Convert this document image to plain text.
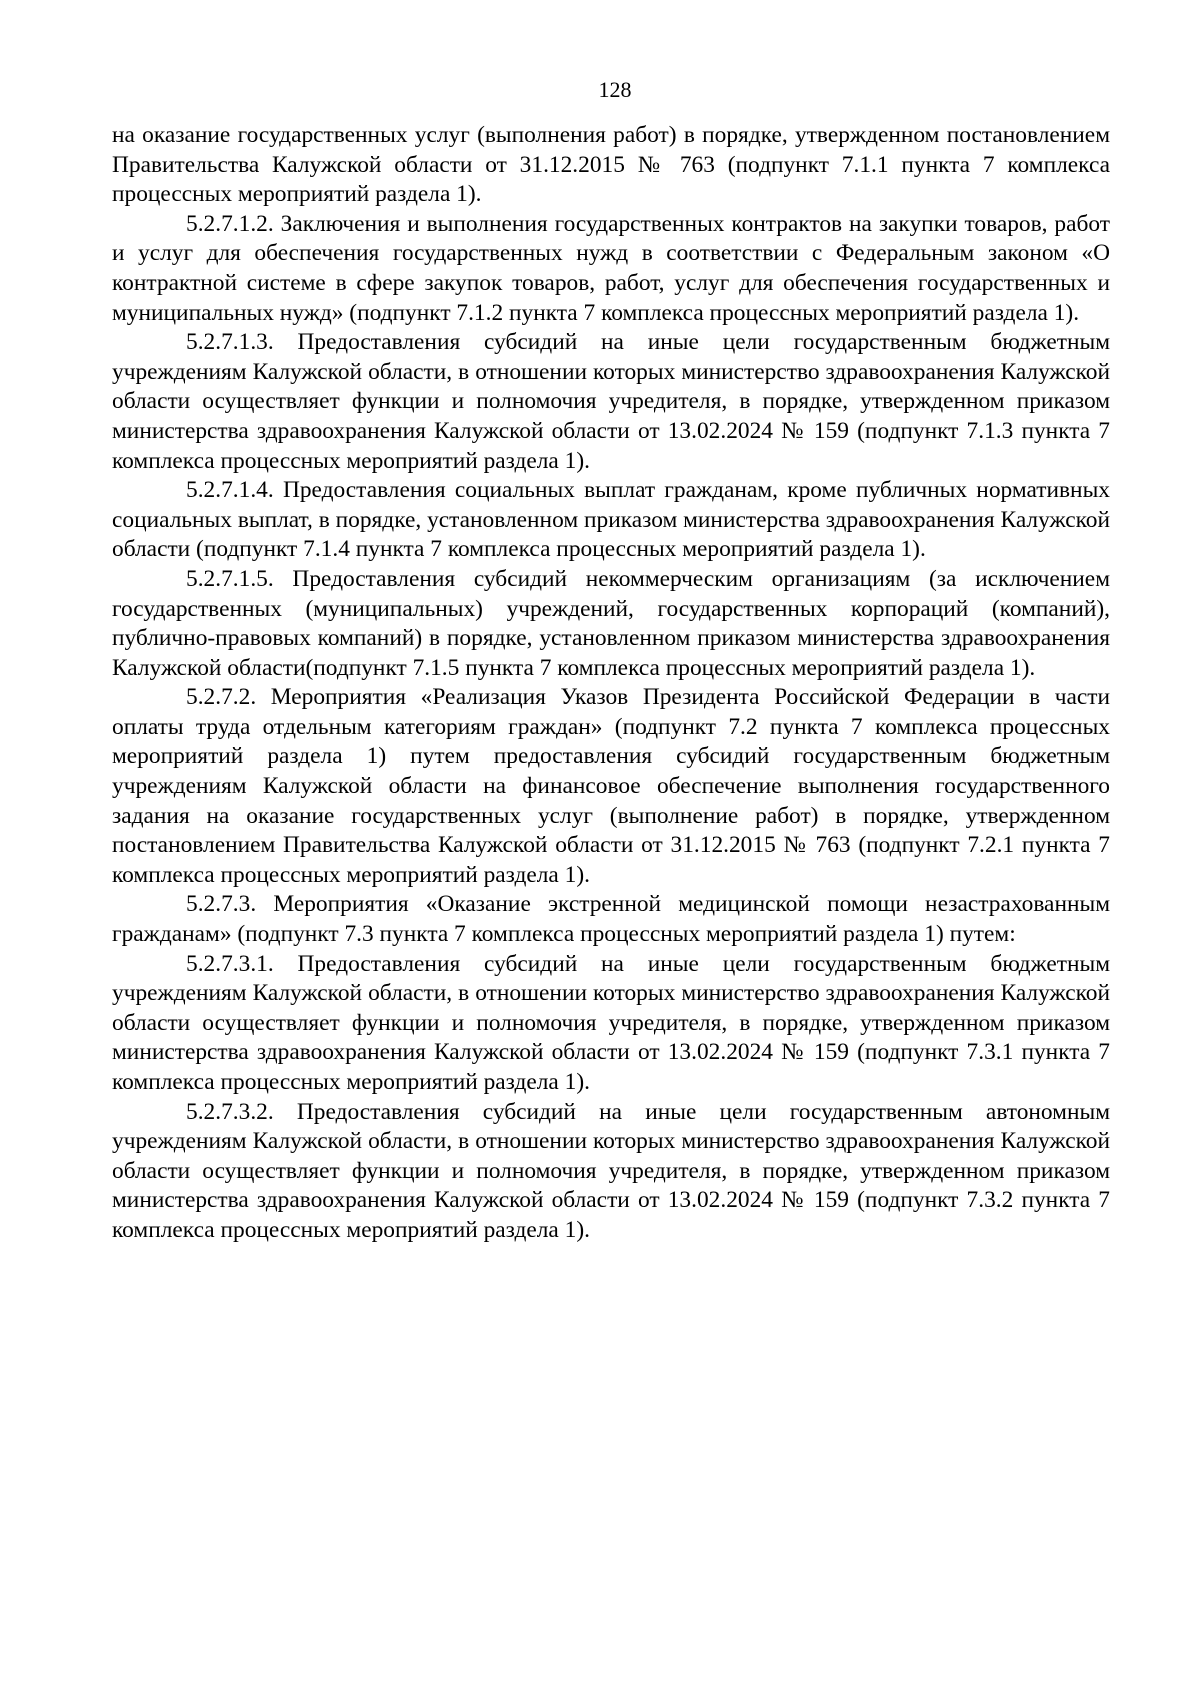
128

на оказание государственных услуг (выполнения работ) в порядке, утвержденном постановлением Правительства Калужской области от 31.12.2015 № 763 (подпункт 7.1.1 пункта 7 комплекса процессных мероприятий раздела 1).

5.2.7.1.2. Заключения и выполнения государственных контрактов на закупки товаров, работ и услуг для обеспечения государственных нужд в соответствии с Федеральным законом «О контрактной системе в сфере закупок товаров, работ, услуг для обеспечения государственных и муниципальных нужд» (подпункт 7.1.2 пункта 7 комплекса процессных мероприятий раздела 1).

5.2.7.1.3. Предоставления субсидий на иные цели государственным бюджетным учреждениям Калужской области, в отношении которых министерство здравоохранения Калужской области осуществляет функции и полномочия учредителя, в порядке, утвержденном приказом министерства здравоохранения Калужской области от 13.02.2024 № 159 (подпункт 7.1.3 пункта 7 комплекса процессных мероприятий раздела 1).

5.2.7.1.4. Предоставления социальных выплат гражданам, кроме публичных нормативных социальных выплат, в порядке, установленном приказом министерства здравоохранения Калужской области (подпункт 7.1.4 пункта 7 комплекса процессных мероприятий раздела 1).

5.2.7.1.5. Предоставления субсидий некоммерческим организациям (за исключением государственных (муниципальных) учреждений, государственных корпораций (компаний), публично-правовых компаний) в порядке, установленном приказом министерства здравоохранения Калужской области(подпункт 7.1.5 пункта 7 комплекса процессных мероприятий раздела 1).

5.2.7.2. Мероприятия «Реализация Указов Президента Российской Федерации в части оплаты труда отдельным категориям граждан» (подпункт 7.2 пункта 7 комплекса процессных мероприятий раздела 1) путем предоставления субсидий государственным бюджетным учреждениям Калужской области на финансовое обеспечение выполнения государственного задания на оказание государственных услуг (выполнение работ) в порядке, утвержденном постановлением Правительства Калужской области от 31.12.2015 № 763 (подпункт 7.2.1 пункта 7 комплекса процессных мероприятий раздела 1).

5.2.7.3. Мероприятия «Оказание экстренной медицинской помощи незастрахованным гражданам» (подпункт 7.3 пункта 7 комплекса процессных мероприятий раздела 1) путем:

5.2.7.3.1. Предоставления субсидий на иные цели государственным бюджетным учреждениям Калужской области, в отношении которых министерство здравоохранения Калужской области осуществляет функции и полномочия учредителя, в порядке, утвержденном приказом министерства здравоохранения Калужской области от 13.02.2024 № 159 (подпункт 7.3.1 пункта 7 комплекса процессных мероприятий раздела 1).

5.2.7.3.2. Предоставления субсидий на иные цели государственным автономным учреждениям Калужской области, в отношении которых министерство здравоохранения Калужской области осуществляет функции и полномочия учредителя, в порядке, утвержденном приказом министерства здравоохранения Калужской области от 13.02.2024 № 159 (подпункт 7.3.2 пункта 7 комплекса процессных мероприятий раздела 1).
